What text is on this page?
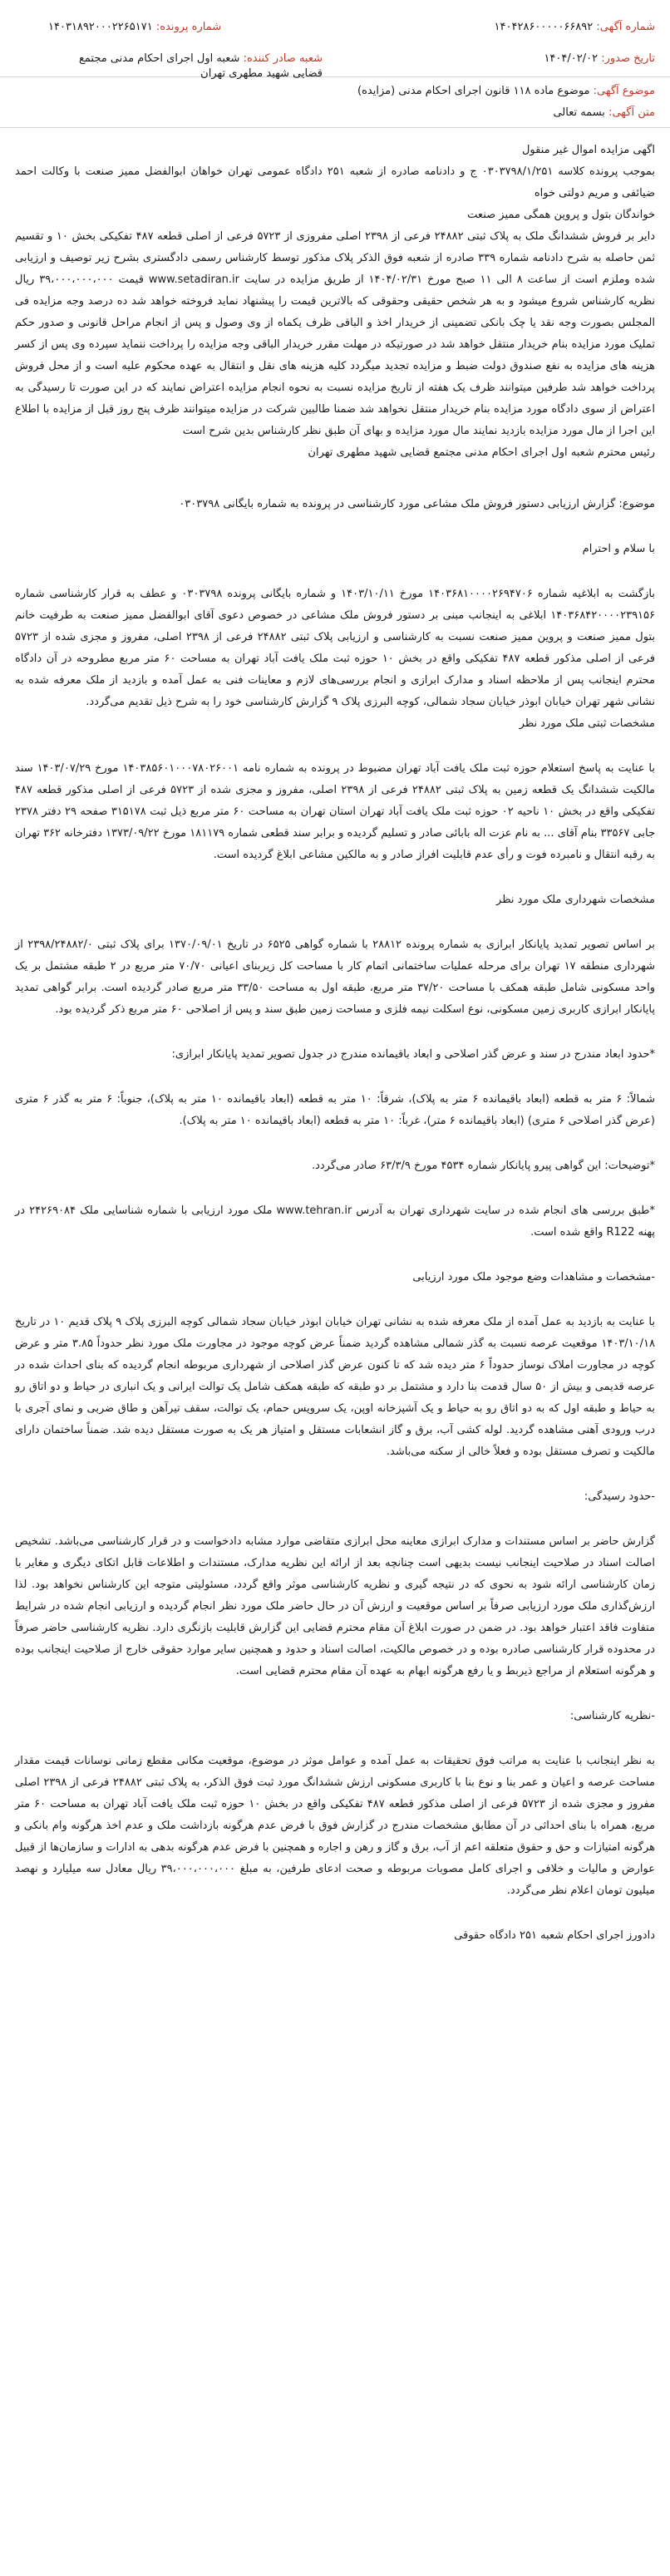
شماره آگهی: ۱۴۰۴۲۸۶۰۰۰۰۰۶۶۸۹۲
شماره پرونده: ۱۴۰۳۱۸۹۲۰۰۰۲۲۶۵۱۷۱
تاریخ صدور: ۱۴۰۴/۰۲/۰۲
شعبه صادر کننده: شعبه اول اجرای احکام مدنی مجتمع قضایی شهید مطهری تهران
موضوع آگهی: موضوع ماده ۱۱۸ قانون اجرای احکام مدنی (مزایده)
متن آگهی: بسمه تعالی

اگهی مزایده اموال غیر منقول

بموجب پرونده کلاسه ۰۳۰۳۷۹۸/۱/۲۵۱ ج و دادنامه صادره از شعبه ۲۵۱ دادگاه عمومی تهران خواهان ابوالفضل ممیز صنعت با وکالت احمد ضیائفی و مریم دولتی خواه

خواندگان بتول و پروین همگی ممیز صنعت

دایر بر فروش ششدانگ ملک به پلاک ثبتی ۲۴۸۸۲ فرعی از ۲۳۹۸ اصلی مفروزی از ۵۷۲۳ فرعی از اصلی قطعه ۴۸۷ تفکیکی بخش ۱۰ و تقسیم ثمن حاصله به شرح دادنامه شماره ۳۳۹ صادره از شعبه فوق الذکر پلاک مذکور توسط کارشناس رسمی دادگستری بشرح زیر توصیف و ارزیابی شده وملزم است از ساعت ۸ الی ۱۱ صبح مورخ ۱۴۰۴/۰۲/۳۱ از طریق مزایده در سایت www.setadiran.ir قیمت ۳۹،۰۰۰،۰۰۰،۰۰۰ ریال نظریه کارشناس شروع میشود و به هر شخص حقیقی وحقوقی که بالاترین قیمت را پیشنهاد نماید فروخته خواهد شد ده درصد وجه مزایده فی المجلس بصورت وجه نقد یا چک بانکی تضمینی از خریدار اخذ و الباقی ظرف یکماه از وی وصول و پس از انجام مراحل قانونی و صدور حکم تملیک مورد مزایده بنام خریدار منتقل خواهد شد در صورتیکه در مهلت مقرر خریدار الباقی وجه مزایده را پرداخت ننماید سپرده وی پس از کسر هزینه های مزایده به نفع صندوق دولت ضبط و مزایده تجدید میگردد کلیه هزینه های نقل و انتقال به عهده محکوم علیه است و از محل فروش پرداخت خواهد شد طرفین میتوانند ظرف یک هفته از تاریخ مزایده نسبت به نحوه انجام مزایده اعتراض نمایند که در این صورت تا رسیدگی به اعتراض از سوی دادگاه مورد مزایده بنام خریدار منتقل نخواهد شد ضمنا طالبین شرکت در مزایده میتوانند ظرف پنج روز قبل از مزایده با اطلاع این اجرا از مال مورد مزایده بازدید نمایند مال مورد مزایده و بهای آن طبق نظر کارشناس بدین شرح است

رئیس محترم شعبه اول اجرای احکام مدنی مجتمع قضایی شهید مطهری تهران

موضوع: گزارش ارزیابی دستور فروش ملک مشاعی مورد کارشناسی در پرونده به شماره بایگانی ۰۳۰۳۷۹۸

با سلام و احترام

بازگشت به ابلاغیه شماره ۱۴۰۳۶۸۱۰۰۰۰۲۶۹۴۷۰۶ مورخ ۱۴۰۳/۱۰/۱۱ و شماره بایگانی پرونده ۰۳۰۳۷۹۸ و عطف به قرار کارشناسی شماره ۱۴۰۳۶۸۴۲۰۰۰۰۲۳۹۱۵۶ ابلاغی به اینجانب مبنی بر دستور فروش ملک مشاعی در خصوص دعوی آقای ابوالفضل ممیز صنعت به طرفیت خانم بتول ممیز صنعت و پروین ممیز صنعت نسبت به کارشناسی و ارزیابی پلاک ثبتی ۲۴۸۸۲ فرعی از ۲۳۹۸ اصلی، مفروز و مجزی شده از ۵۷۲۳ فرعی از اصلی مذکور قطعه ۴۸۷ تفکیکی واقع در بخش ۱۰ حوزه ثبت ملک یافت آباد تهران به مساحت ۶۰ متر مربع مطروحه در آن دادگاه محترم اینجانب پس از ملاحظه اسناد و مدارک ابرازی و انجام بررسی‌های لازم و معاینات فنی به عمل آمده و بازدید از ملک معرفه شده به نشانی شهر تهران خیابان ابوذر خیابان سجاد شمالی، کوچه البرزی پلاک ۹ گزارش کارشناسی خود را به شرح ذیل تقدیم می‌گردد.

مشخصات ثبتی ملک مورد نظر

با عنایت به پاسخ استعلام حوزه ثبت ملک یافت آباد تهران مضبوط در پرونده به شماره نامه ۱۴۰۳۸۵۶۰۱۰۰۰۷۸۰۲۶۰۰۱ مورخ ۱۴۰۳/۰۷/۲۹ سند مالکیت ششدانگ یک قطعه زمین به پلاک ثبتی ۲۴۸۸۲ فرعی از ۲۳۹۸ اصلی، مفروز و مجزی شده از ۵۷۲۳ فرعی از اصلی مذکور قطعه ۴۸۷ تفکیکی واقع در بخش ۱۰ ناحیه ۰۲ حوزه ثبت ملک یافت آباد تهران استان تهران به مساحت ۶۰ متر مربع ذیل ثبت ۳۱۵۱۷۸ صفحه ۲۹ دفتر ۲۳۷۸ جابی ۳۳۵۶۷ بنام آقای ... به نام عزت اله بابائی صادر و تسلیم گردیده و برابر سند قطعی شماره ۱۸۱۱۷۹ مورخ ۱۳۷۳/۰۹/۲۲ دفترخانه ۳۶۲ تهران به رقبه انتقال و نامبرده فوت و رأی عدم قابلیت افراز صادر و به مالکین مشاعی ابلاغ گردیده است.

مشخصات شهرداری ملک مورد نظر

بر اساس تصویر تمدید پایانکار ابرازی به شماره پرونده ۲۸۸۱۲ با شماره گواهی ۶۵۲۵ در تاریخ ۱۳۷۰/۰۹/۰۱ برای پلاک ثبتی ۲۳۹۸/۲۴۸۸۲/۰ از شهرداری منطقه ۱۷ تهران برای مرحله عملیات ساختمانی اتمام کار با مساحت کل زیربنای اعیانی ۷۰/۷۰ متر مربع در ۲ طبقه مشتمل بر یک واحد مسکونی شامل طبقه همکف با مساحت ۳۷/۲۰ متر مربع، طبقه اول به مساحت ۳۳/۵۰ متر مربع صادر گردیده است. برابر گواهی تمدید پایانکار ابرازی کاربری زمین مسکونی، نوع اسکلت نیمه فلزی و مساحت زمین طبق سند و پس از اصلاحی ۶۰ متر مربع ذکر گردیده بود.

*حدود ابعاد مندرج در سند و عرض گذر اصلاحی و ابعاد باقیمانده مندرج در جدول تصویر تمدید پایانکار ابرازی:

شمالاً: ۶ متر به قطعه (ابعاد باقیمانده ۶ متر به پلاک)، شرقاً: ۱۰ متر به قطعه (ابعاد باقیمانده ۱۰ متر به پلاک)، جنوباً: ۶ متر به گذر ۶ متری (عرض گذر اصلاحی ۶ متری) (ابعاد باقیمانده ۶ متر)، غرباً: ۱۰ متر به قطعه (ابعاد باقیمانده ۱۰ متر به پلاک).

*توضیحات: این گواهی پیرو پایانکار شماره ۴۵۳۴ مورخ ۶۳/۳/۹ صادر می‌گردد.

*طبق بررسی های انجام شده در سایت شهرداری تهران به آدرس www.tehran.ir ملک مورد ارزیابی با شماره شناسایی ملک ۲۴۲۶۹۰۸۴ در پهنه R122 واقع شده است.

-مشخصات و مشاهدات وضع موجود ملک مورد ارزیابی

با عنایت به بازدید به عمل آمده از ملک معرفه شده به نشانی تهران خیابان ابوذر خیابان سجاد شمالی کوچه البرزی پلاک ۹ پلاک قدیم ۱۰ در تاریخ ۱۴۰۳/۱۰/۱۸ موقعیت عرصه نسبت به گذر شمالی مشاهده گردید ضمناً عرض کوچه موجود در مجاورت ملک مورد نظر حدوداً ۳.۸۵ متر و عرض کوچه در مجاورت املاک نوساز حدوداً ۶ متر دیده شد که تا کنون عرض گذر اصلاحی از شهرداری مربوطه انجام گردیده که بنای احداث شده در عرصه قدیمی و بیش از ۵۰ سال قدمت بنا دارد و مشتمل بر دو طبقه که طبقه همکف شامل یک توالت ایرانی و یک انباری در حیاط و دو اتاق رو به حیاط و طبقه اول که به دو اتاق رو به حیاط و یک آشپزخانه اوپن، یک سرویس حمام، یک توالت، سقف تیرآهن و طاق ضربی و نمای آجری با درب ورودی آهنی مشاهده گردید. لوله کشی آب، برق و گاز انشعابات مستقل و امتیاز هر یک به صورت مستقل دیده شد. ضمناً ساختمان دارای مالکیت و تصرف مستقل بوده و فعلاً خالی از سکنه می‌باشد.

-حدود رسیدگی:

گزارش حاضر بر اساس مستندات و مدارک ابرازی معاینه محل ابرازی متقاضی موارد مشابه دادخواست و در قرار کارشناسی می‌باشد. تشخیص اصالت اسناد در صلاحیت اینجانب نیست بدیهی است چنانچه بعد از ارائه این نظریه مدارک، مستندات و اطلاعات قابل اتکای دیگری و مغایر با زمان کارشناسی ارائه شود به نحوی که در نتیجه گیری و نظریه کارشناسی موثر واقع گردد، مسئولیتی متوجه این کارشناس نخواهد بود. لذا ارزش‌گذاری ملک مورد ارزیابی صرفاً بر اساس موقعیت و ارزش آن در حال حاضر ملک مورد نظر انجام گردیده و ارزیابی انجام شده در شرایط متفاوت فاقد اعتبار خواهد بود. در ضمن در صورت ابلاغ آن مقام محترم قضایی این گزارش قابلیت بازنگری دارد. نظریه کارشناسی حاضر صرفاً در محدوده قرار کارشناسی صادره بوده و در خصوص مالکیت، اصالت اسناد و حدود و همچنین سایر موارد حقوقی خارج از صلاحیت اینجانب بوده و هرگونه استعلام از مراجع ذیربط و یا رفع هرگونه ابهام به عهده آن مقام محترم قضایی است.

-نظریه کارشناسی:

به نظر اینجانب با عنایت به مراتب فوق تحقیقات به عمل آمده و عوامل موثر در موضوع، موقعیت مکانی مقطع زمانی نوسانات قیمت مقدار مساحت عرصه و اعیان و عمر بنا و نوع بنا با کاربری مسکونی ارزش ششدانگ مورد ثبت فوق الذکر، به پلاک ثبتی ۲۴۸۸۲ فرعی از ۲۳۹۸ اصلی مفروز و مجزی شده از ۵۷۲۳ فرعی از اصلی مذکور قطعه ۴۸۷ تفکیکی واقع در بخش ۱۰ حوزه ثبت ملک یافت آباد تهران به مساحت ۶۰ متر مربع، همراه با بنای احداثی در آن مطابق مشخصات مندرج در گزارش فوق با فرض عدم هرگونه بازداشت ملک و عدم اخذ هرگونه وام بانکی و هرگونه امتیازات و حق و حقوق متعلقه اعم از آب، برق و گاز و رهن و اجاره و همچنین با فرض عدم هرگونه بدهی به ادارات و سازمان‌ها از قبیل عوارض و مالیات و خلافی و اجرای کامل مصوبات مربوطه و صحت ادعای طرفین، به مبلغ ۳۹،۰۰۰،۰۰۰،۰۰۰ ریال معادل سه میلیارد و نهصد میلیون تومان اعلام نظر می‌گردد.

دادورز اجرای احکام شعبه ۲۵۱ دادگاه حقوقی
